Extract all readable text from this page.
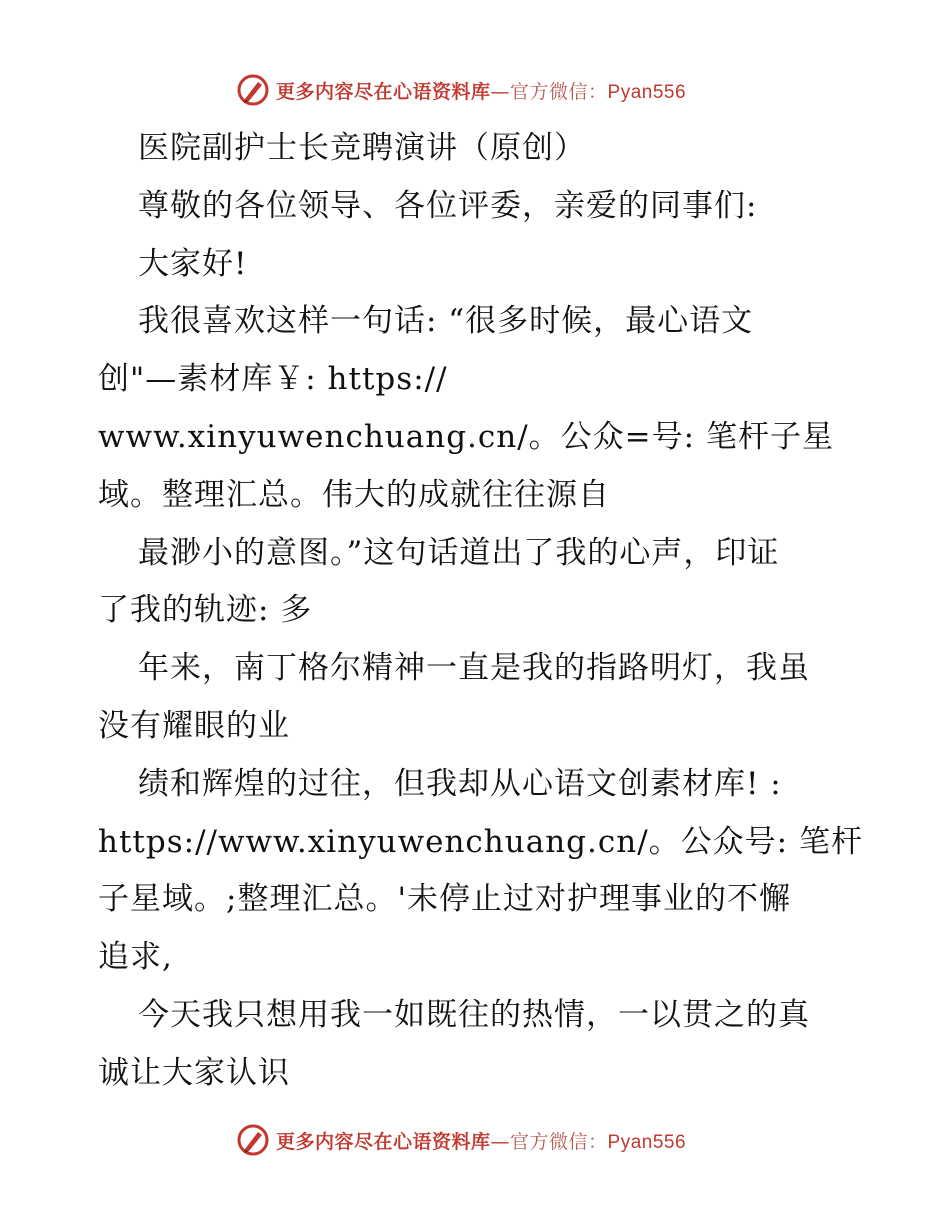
更多内容尽在心语资料库—官方微信：Pyan556
医院副护士长竞聘演讲（原创）
尊敬的各位领导、各位评委，亲爱的同事们:
大家好!
我很喜欢这样一句话: “很多时候，最心语文
创"—素材库￥: https://
www.xinyuwenchuang.cn/。公众=号: 笔杆子星
域。整理汇总。伟大的成就往往源自
最渺小的意图。”这句话道出了我的心声，印证
了我的轨迹: 多
年来，南丁格尔精神一直是我的指路明灯，我虽
没有耀眼的业
绩和辉煌的过往，但我却从心语文创素材库! :
https://www.xinyuwenchuang.cn/。公众号: 笔杆
子星域。;整理汇总。'未停止过对护理事业的不懈
追求,
今天我只想用我一如既往的热情，一以贯之的真
诚让大家认识
更多内容尽在心语资料库—官方微信：Pyan556
